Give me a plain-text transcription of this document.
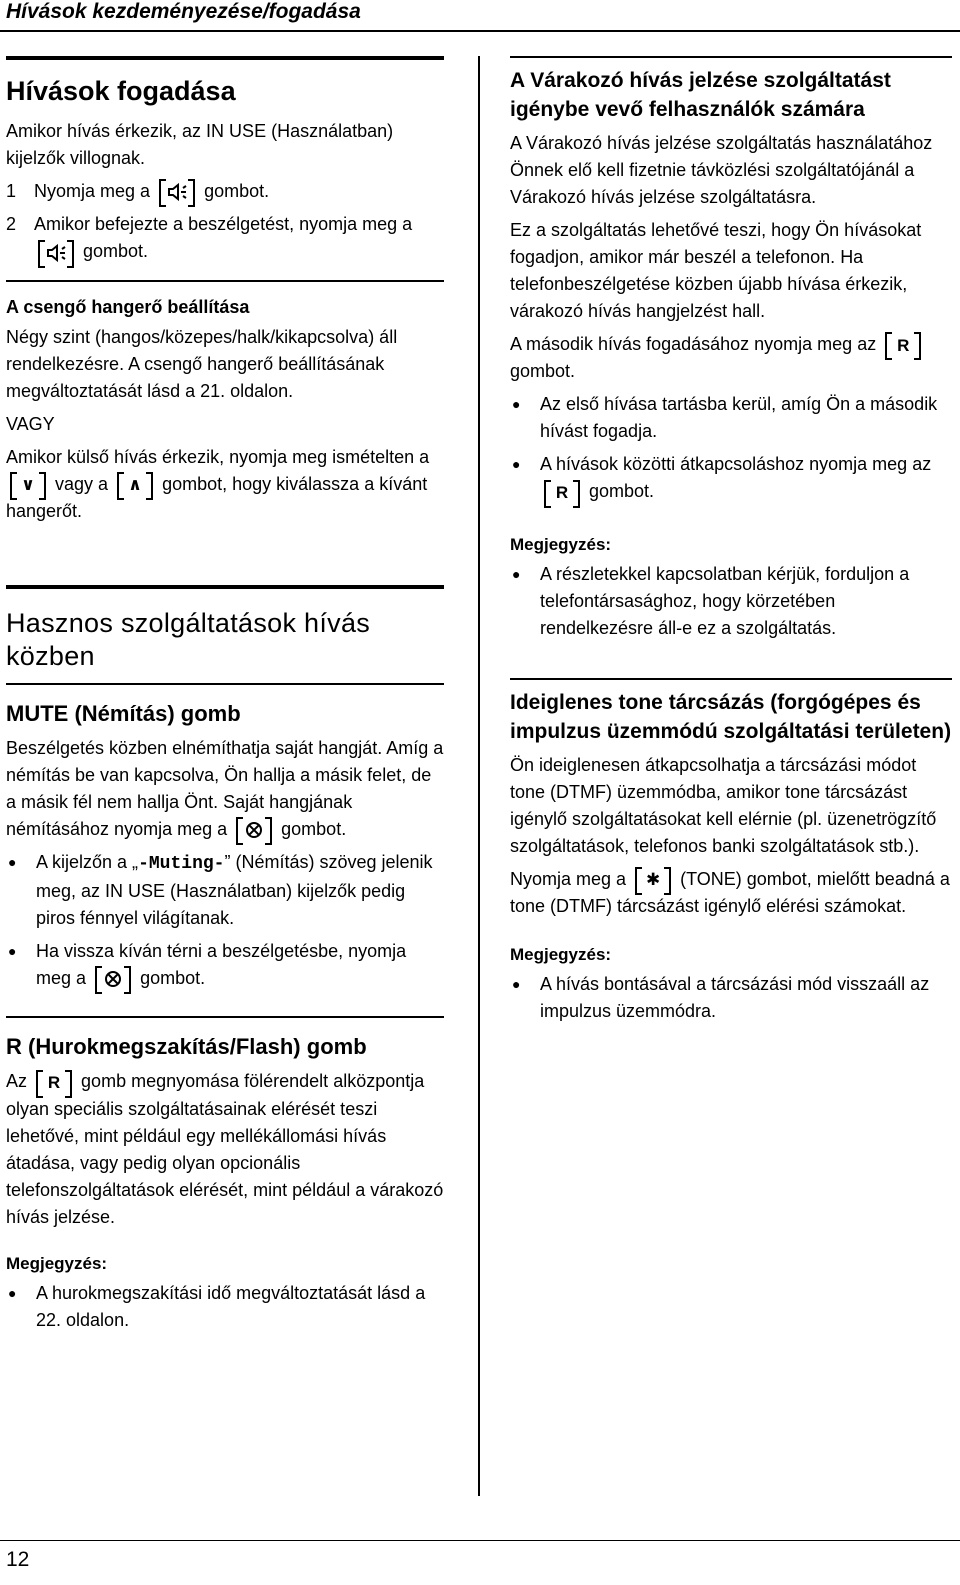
Hívások kezdeményezése/fogadása
Hívások fogadása

Amikor hívás érkezik, az IN USE (Használatban) kijelzők villognak.

1 Nyomja meg a	gombot.
2 Amikor befejezte a beszélgetést, nyomja meg a
gombot.
A csengő hangerő beállítása

Négy szint (hangos/közepes/halk/kikapcsolva) áll rendelkezésre. A csengő hangerő beállításának megváltoztatását lásd a 21. oldalon.

VAGY

Amikor külső hívás érkezik, nyomja meg ismételten a
∨ vagy a ∧ gombot, hogy kiválassza a kívánt hangerőt.

Hasznos szolgáltatások hívás közben
MUTE (Némítás) gomb

Beszélgetés közben elnémíthatja saját hangját. Amíg a némítás be van kapcsolva, Ön hallja a másik felet, de a másik fél nem hallja Önt. Saját hangjának némításához nyomja meg a	gombot.

●	A kijelzőn a „-Muting-” (Némítás) szöveg jelenik meg, az IN USE (Használatban) kijelzők pedig piros fénnyel világítanak.
●	Ha vissza kíván térni a beszélgetésbe, nyomja meg a	gombot.
R (Hurokmegszakítás/Flash) gomb

Az R gomb megnyomása fölérendelt alközpontja olyan speciális szolgáltatásainak elérését teszi lehetővé, mint például egy mellékállomási hívás átadása, vagy pedig olyan opcionális telefonszolgáltatások elérését, mint például a várakozó hívás jelzése.

Megjegyzés:
●	A hurokmegszakítási idő megváltoztatását lásd a 22. oldalon.
A Várakozó hívás jelzése szolgáltatást igénybe vevő felhasználók számára

A Várakozó hívás jelzése szolgáltatás használatához Önnek elő kell fizetnie távközlési szolgáltatójánál a Várakozó hívás jelzése szolgáltatásra.

Ez a szolgáltatás lehetővé teszi, hogy Ön hívásokat fogadjon, amikor már beszél a telefonon. Ha telefonbeszélgetése közben újabb hívása érkezik, várakozó hívás hangjelzést hall.

A második hívás fogadásához nyomja meg az R
gombot.

●	Az első hívása tartásba kerül, amíg Ön a második hívást fogadja.
●	A hívások közötti átkapcsoláshoz nyomja meg az
R gombot.
Megjegyzés:
●	A részletekkel kapcsolatban kérjük, forduljon a telefontársasághoz, hogy körzetében rendelkezésre áll-e ez a szolgáltatás.
Ideiglenes tone tárcsázás (forgógépes és impulzus üzemmódú szolgáltatási területen)

Ön ideiglenesen átkapcsolhatja a tárcsázási módot tone (DTMF) üzemmódba, amikor tone tárcsázást igénylő szolgáltatásokat kell elérnie (pl. üzenetrögzítő szolgáltatások, telefonos banki szolgáltatások stb.).

Nyomja meg a ✱ (TONE) gombot, mielőtt beadná a tone (DTMF) tárcsázást igénylő elérési számokat.

Megjegyzés:
●	A hívás bontásával a tárcsázási mód visszaáll az impulzus üzemmódra.
12
